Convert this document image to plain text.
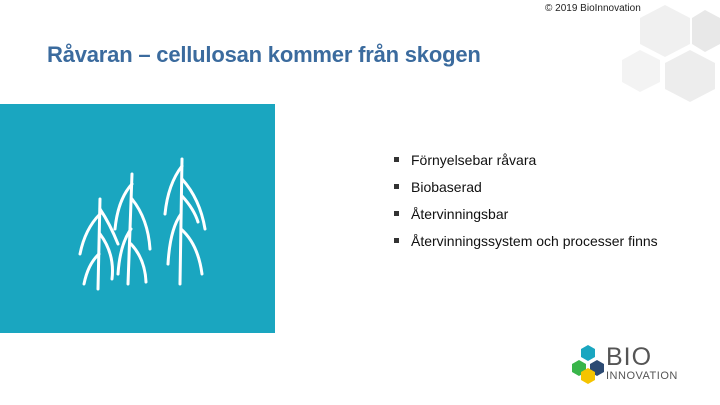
© 2019 BioInnovation
Råvaran – cellulosan kommer från skogen
Förnyelsebar råvara
Biobaserad
Återvinningsbar
Återvinningssystem och processer finns
BIO
INNOVATION
